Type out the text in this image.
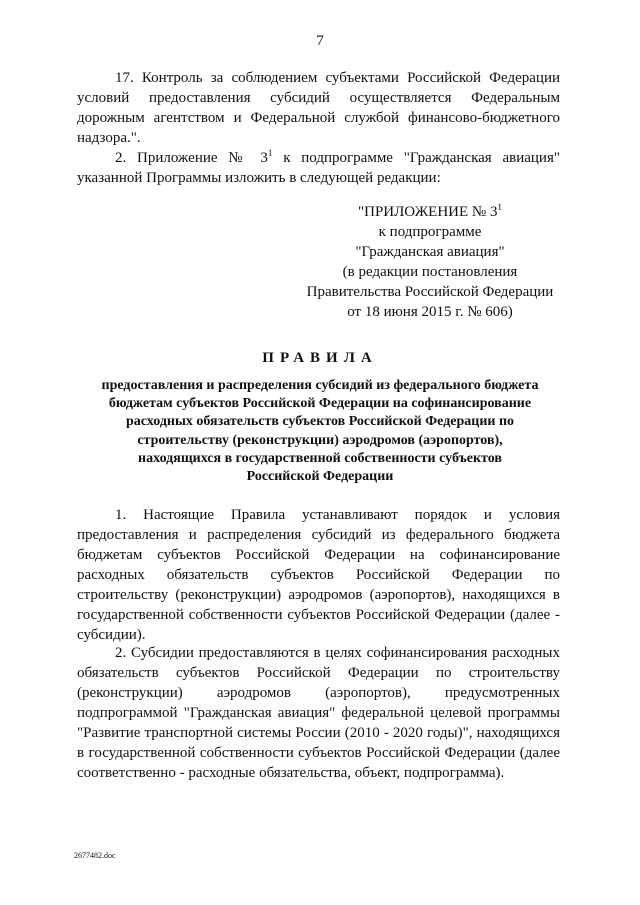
7
17. Контроль за соблюдением субъектами Российской Федерации условий предоставления субсидий осуществляется Федеральным дорожным агентством и Федеральной службой финансово-бюджетного надзора.".
2. Приложение № $3^1$ к подпрограмме "Гражданская авиация" указанной Программы изложить в следующей редакции:
"ПРИЛОЖЕНИЕ № $3^1$
к подпрограмме
"Гражданская авиация"
(в редакции постановления
Правительства Российской Федерации
от 18 июня 2015 г. № 606)
ПРАВИЛА
предоставления и распределения субсидий из федерального бюджета бюджетам субъектов Российской Федерации на софинансирование расходных обязательств субъектов Российской Федерации по строительству (реконструкции) аэродромов (аэропортов), находящихся в государственной собственности субъектов Российской Федерации
1. Настоящие Правила устанавливают порядок и условия предоставления и распределения субсидий из федерального бюджета бюджетам субъектов Российской Федерации на софинансирование расходных обязательств субъектов Российской Федерации по строительству (реконструкции) аэродромов (аэропортов), находящихся в государственной собственности субъектов Российской Федерации (далее - субсидии).
2. Субсидии предоставляются в целях софинансирования расходных обязательств субъектов Российской Федерации по строительству (реконструкции) аэродромов (аэропортов), предусмотренных подпрограммой "Гражданская авиация" федеральной целевой программы "Развитие транспортной системы России (2010 - 2020 годы)", находящихся в государственной собственности субъектов Российской Федерации (далее соответственно - расходные обязательства, объект, подпрограмма).
2677482.doc
